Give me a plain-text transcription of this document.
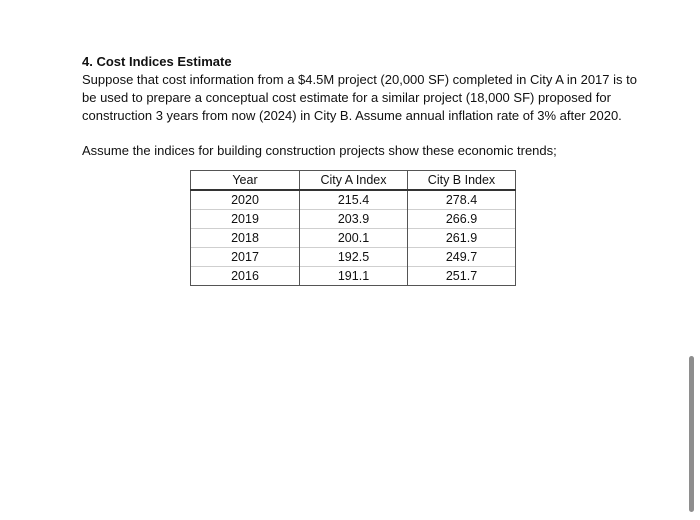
4. Cost Indices Estimate

Suppose that cost information from a $4.5M project (20,000 SF) completed in City A in 2017 is to be used to prepare a conceptual cost estimate for a similar project (18,000 SF) proposed for construction 3 years from now (2024) in City B. Assume annual inflation rate of 3% after 2020.

Assume the indices for building construction projects show these economic trends;

Year	City A Index	City B Index
2020	215.4	278.4
2019	203.9	266.9
2018	200.1	261.9
2017	192.5	249.7
2016	191.1	251.7
